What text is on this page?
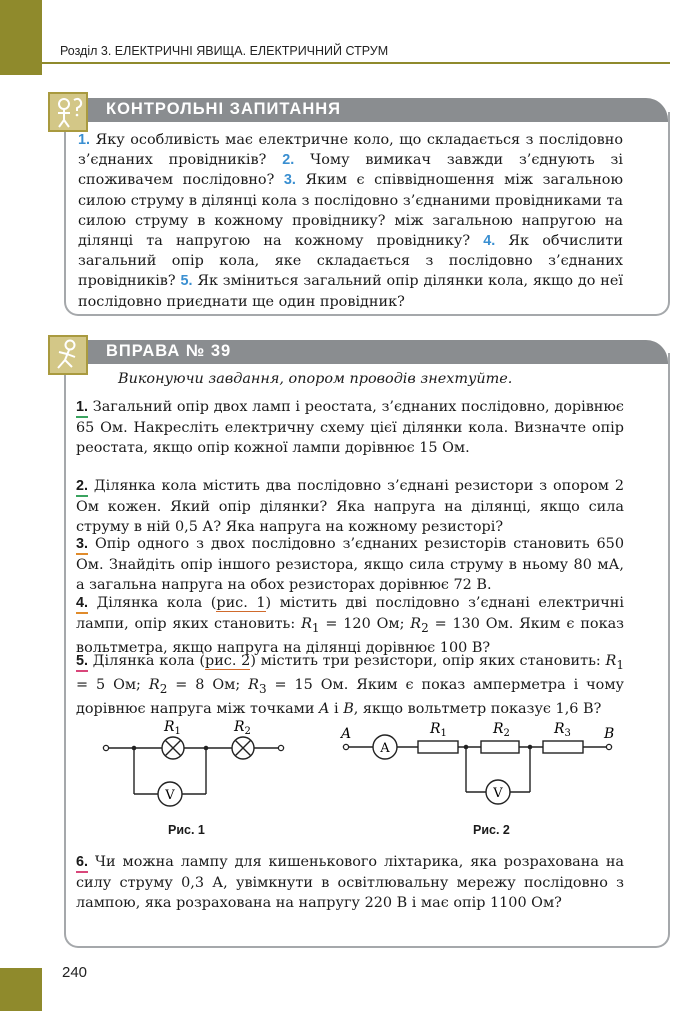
Розділ 3. ЕЛЕКТРИЧНІ ЯВИЩА. ЕЛЕКТРИЧНИЙ СТРУМ
КОНТРОЛЬНІ ЗАПИТАННЯ

1. Яку особливість має електричне коло, що складається з послідовно з’єднаних провідників? 2. Чому вимикач завжди з’єднують зі споживачем послідовно? 3. Яким є співвідношення між загальною силою струму в ділянці кола з послідовно з’єднаними провідниками та силою струму в кожному провіднику? між загальною напругою на ділянці та напругою на кожному провіднику? 4. Як обчислити загальний опір кола, яке складається з послідовно з’єднаних провідників? 5. Як зміниться загальний опір ділянки кола, якщо до неї послідовно приєднати ще один провідник?

ВПРАВА № 39
Виконуючи завдання, опором проводів знехтуйте.

1. Загальний опір двох ламп і реостата, з’єднаних послідовно, дорівнює 65 Ом. Накресліть електричну схему цієї ділянки кола. Визначте опір реостата, якщо опір кожної лампи дорівнює 15 Ом.

2. Ділянка кола містить два послідовно з’єднані резистори з опором 2 Ом кожен. Який опір ділянки? Яка напруга на ділянці, якщо сила струму в ній 0,5 А? Яка напруга на кожному резисторі?

3. Опір одного з двох послідовно з’єднаних резисторів становить 650 Ом. Знайдіть опір іншого резистора, якщо сила струму в ньому 80 мА, а загальна напруга на обох резисторах дорівнює 72 В.

4. Ділянка кола (рис. 1) містить дві послідовно з’єднані електричні лампи, опір яких становить: $R_1 = 120$ Ом; $R_2 = 130$ Ом. Яким є показ вольтметра, якщо напруга на ділянці дорівнює 100 В?

5. Ділянка кола (рис. 2) містить три резистори, опір яких становить: $R_1 = 5$ Ом; $R_2 = 8$ Ом; $R_3 = 15$ Ом. Яким є показ амперметра і чому дорівнює напруга між точками A і B, якщо вольтметр показує 1,6 В?

V
$R_1$	$R_2$
Рис. 1
A
V
A	B
$R_1$	$R_2$	$R_3$
Рис. 2

6. Чи можна лампу для кишенькового ліхтарика, яка розрахована на силу струму 0,3 А, увімкнути в освітлювальну мережу послідовно з лампою, яка розрахована на напругу 220 В і має опір 1100 Ом?

240
